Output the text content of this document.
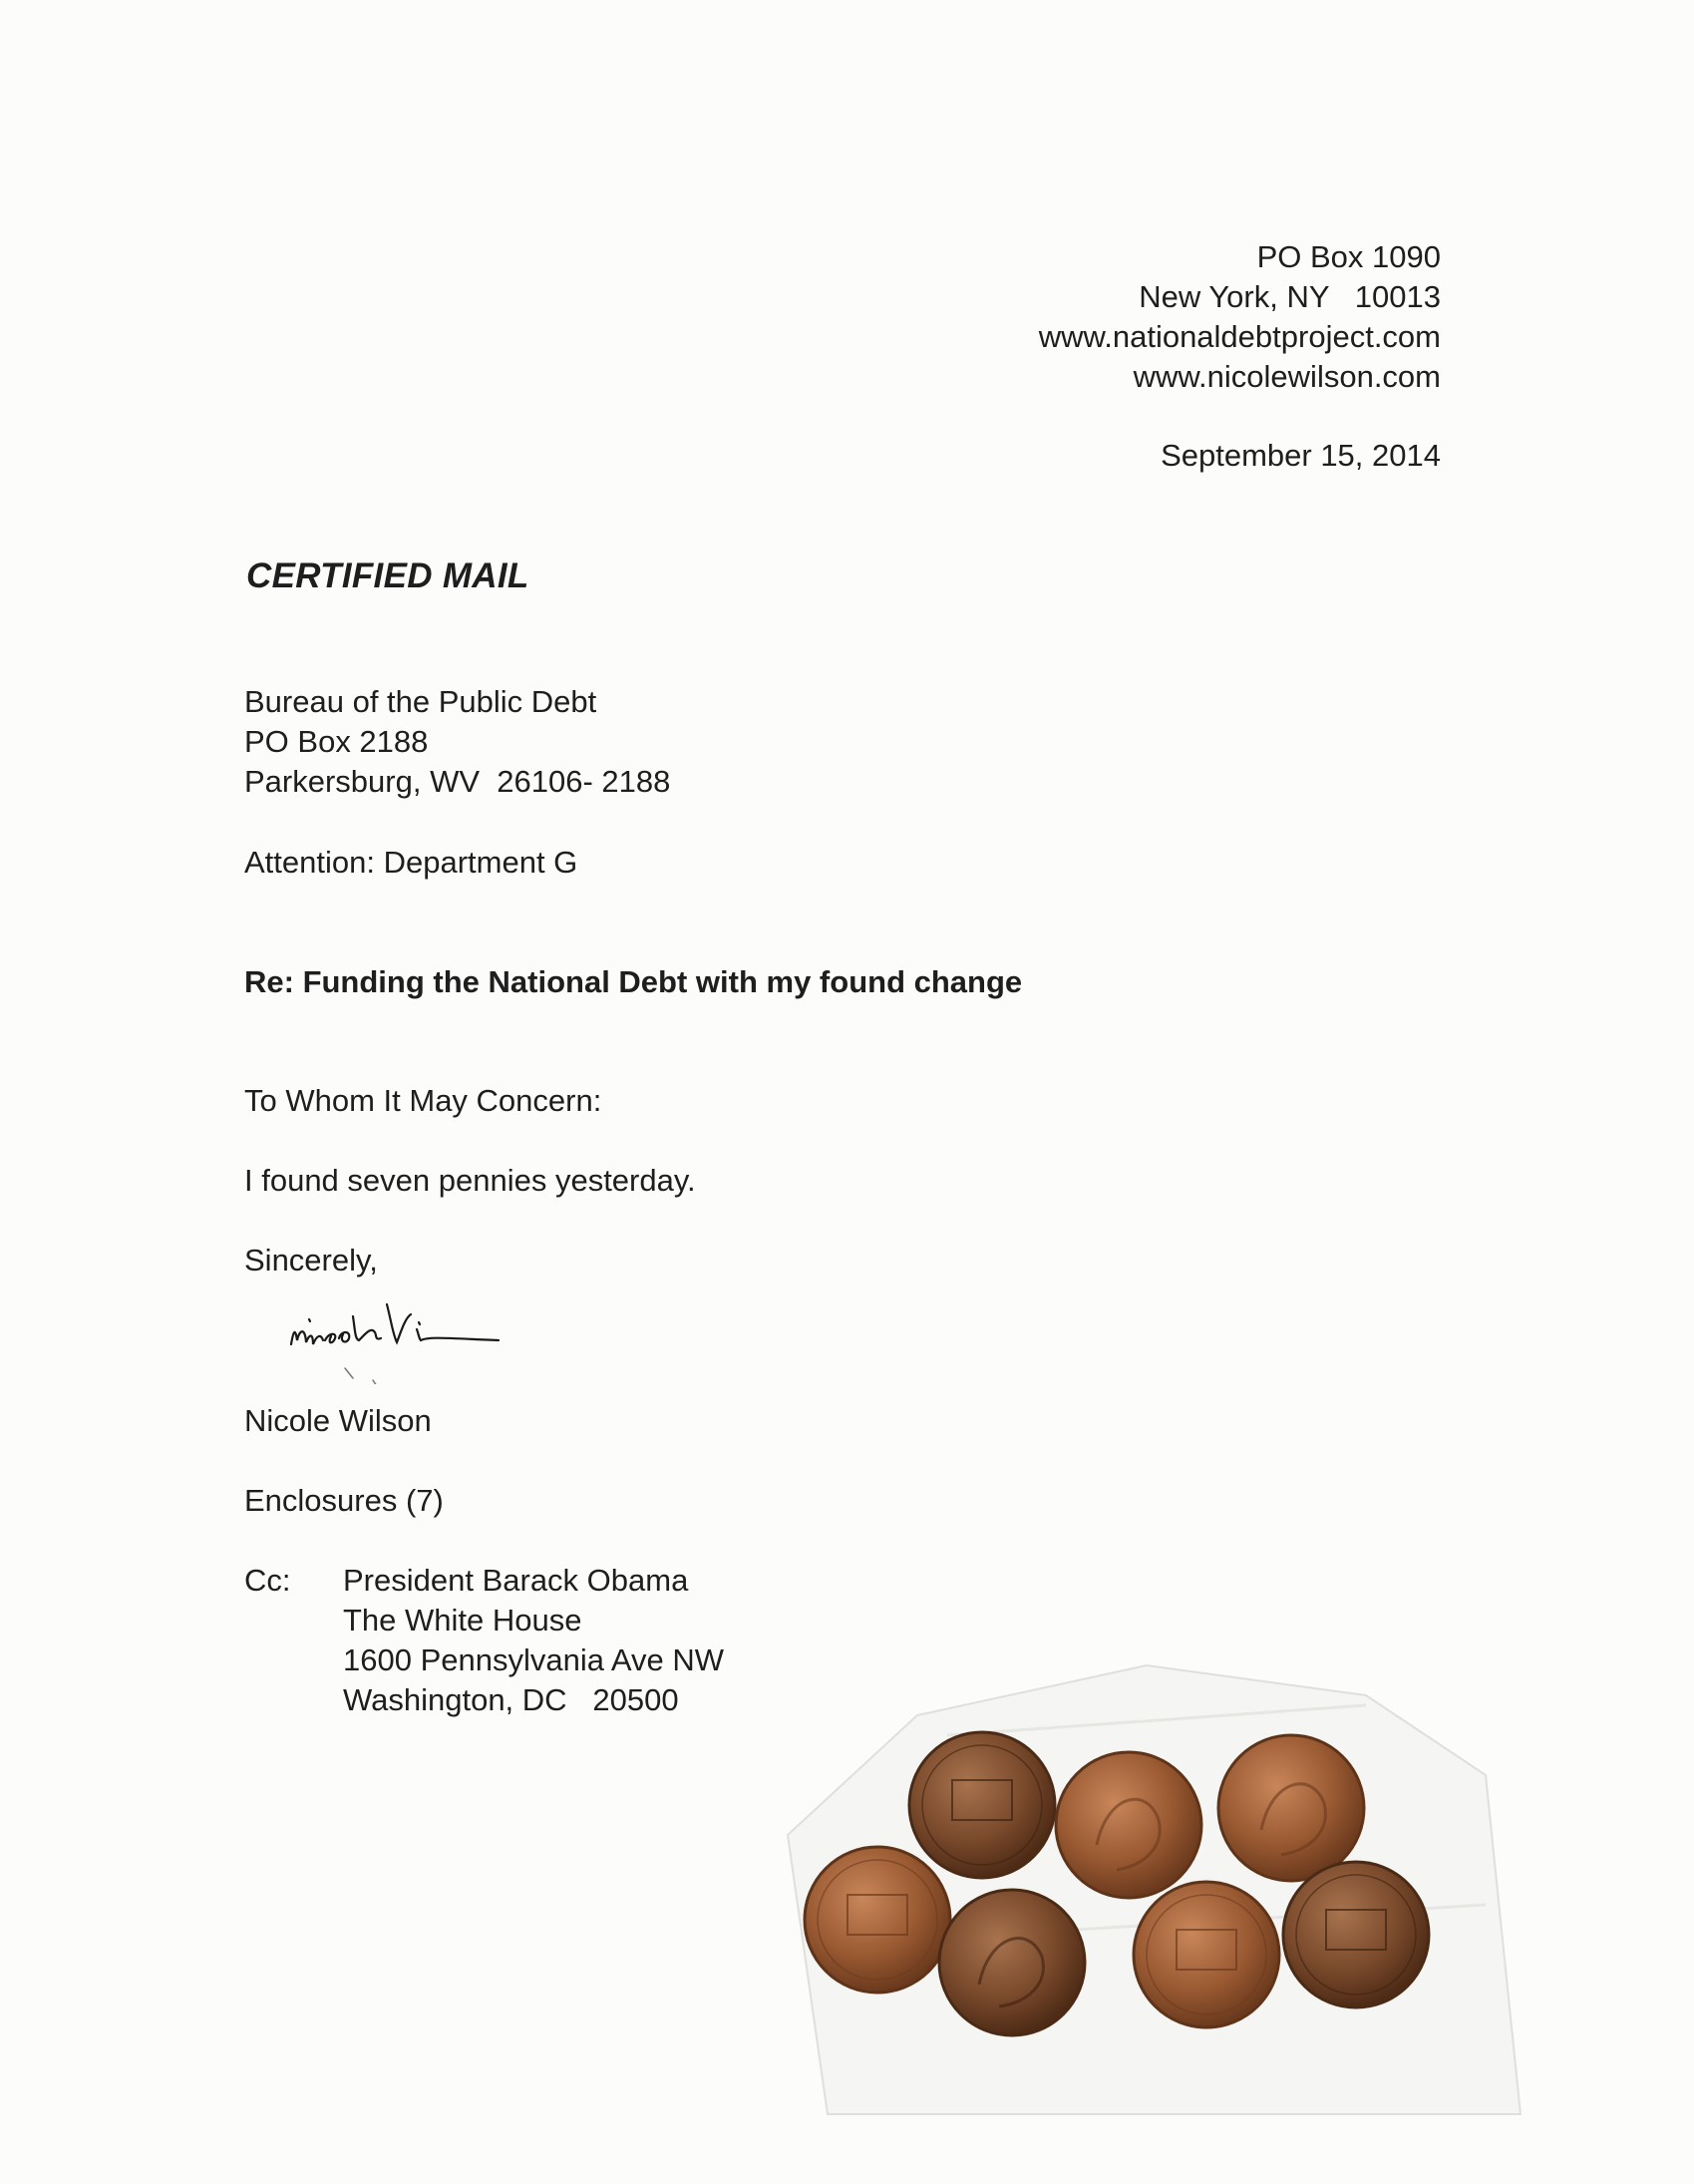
PO Box 1090
New York, NY   10013
www.nationaldebtproject.com
www.nicolewilson.com
September 15, 2014
CERTIFIED MAIL
Bureau of the Public Debt
PO Box 2188
Parkersburg, WV  26106- 2188
Attention: Department G
Re: Funding the National Debt with my found change
To Whom It May Concern:
I found seven pennies yesterday.
Sincerely,
Nicole Wilson
Enclosures (7)
Cc: President Barack Obama
The White House
1600 Pennsylvania Ave NW
Washington, DC   20500
